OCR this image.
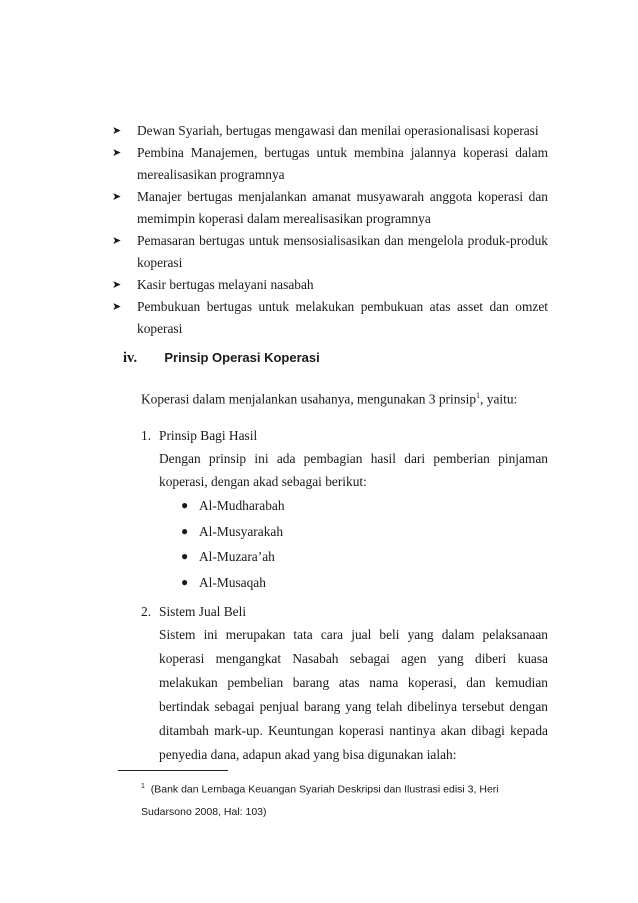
➤ Dewan Syariah, bertugas mengawasi dan menilai operasionalisasi koperasi
➤ Pembina Manajemen, bertugas untuk membina jalannya koperasi dalam merealisasikan programnya
➤ Manajer bertugas menjalankan amanat musyawarah anggota koperasi dan memimpin koperasi dalam merealisasikan programnya
➤ Pemasaran bertugas untuk mensosialisasikan dan mengelola produk-produk koperasi
➤ Kasir bertugas melayani nasabah
➤ Pembukuan bertugas untuk melakukan pembukuan atas asset dan omzet koperasi
iv. Prinsip Operasi Koperasi
Koperasi dalam menjalankan usahanya, mengunakan 3 prinsip$^1$, yaitu:
1. Prinsip Bagi Hasil
Dengan prinsip ini ada pembagian hasil dari pemberian pinjaman koperasi, dengan akad sebagai berikut:
● Al-Mudharabah
● Al-Musyarakah
● Al-Muzara’ah
● Al-Musaqah
2. Sistem Jual Beli
Sistem ini merupakan tata cara jual beli yang dalam pelaksanaan koperasi mengangkat Nasabah sebagai agen yang diberi kuasa melakukan pembelian barang atas nama koperasi, dan kemudian bertindak sebagai penjual barang yang telah dibelinya tersebut dengan ditambah mark-up. Keuntungan koperasi nantinya akan dibagi kepada penyedia dana, adapun akad yang bisa digunakan ialah:
$^1$ (Bank dan Lembaga Keuangan Syariah Deskripsi dan Ilustrasi edisi 3, Heri Sudarsono 2008, Hal: 103)
